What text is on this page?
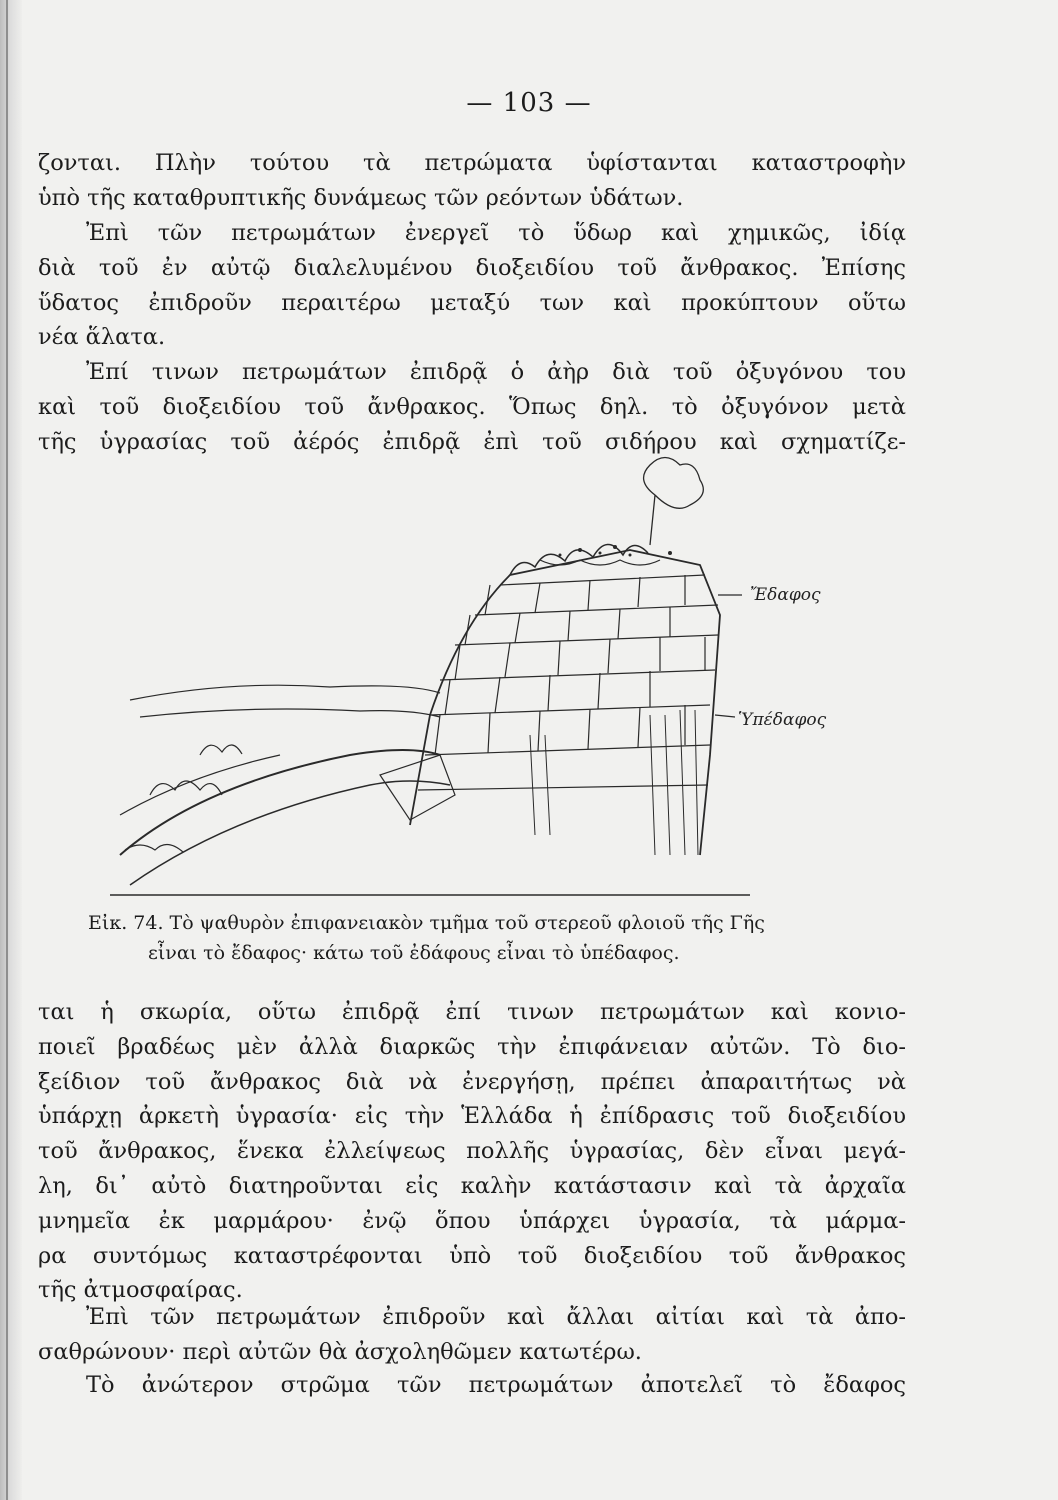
— 103 —

ζονται. Πλὴν τούτου τὰ πετρώματα ὑφίστανται καταστροφὴν
ὑπὸ τῆς καταθρυπτικῆς δυνάμεως τῶν ρεόντων ὑδάτων.

Ἐπὶ τῶν πετρωμάτων ἐνεργεῖ τὸ ὕδωρ καὶ χημικῶς, ἰδίᾳ
διὰ τοῦ ἐν αὐτῷ διαλελυμένου διοξειδίου τοῦ ἄνθρακος. Ἐπίσης
ὕδατος ἐπιδροῦν περαιτέρω μεταξύ των καὶ προκύπτουν οὕτω
νέα ἅλατα.

Ἐπί τινων πετρωμάτων ἐπιδρᾷ ὁ ἀὴρ διὰ τοῦ ὀξυγόνου του
καὶ τοῦ διοξειδίου τοῦ ἄνθρακος. Ὅπως δηλ. τὸ ὀξυγόνον μετὰ
τῆς ὑγρασίας τοῦ ἀέρός ἐπιδρᾷ ἐπὶ τοῦ σιδήρου καὶ σχηματίζε-

Ἔδαφος
Ὑπέδαφος

Εἰκ. 74. Τὸ ψαθυρὸν ἐπιφανειακὸν τμῆμα τοῦ στερεοῦ φλοιοῦ τῆς Γῆς
εἶναι τὸ ἔδαφος· κάτω τοῦ ἐδάφους εἶναι τὸ ὑπέδαφος.

ται ἡ σκωρία, οὕτω ἐπιδρᾷ ἐπί τινων πετρωμάτων καὶ κονιο-
ποιεῖ βραδέως μὲν ἀλλὰ διαρκῶς τὴν ἐπιφάνειαν αὐτῶν. Τὸ διο-
ξείδιον τοῦ ἄνθρακος διὰ νὰ ἐνεργήσῃ, πρέπει ἀπαραιτήτως νὰ
ὑπάρχῃ ἀρκετὴ ὑγρασία· εἰς τὴν Ἑλλάδα ἡ ἐπίδρασις τοῦ διοξειδίου
τοῦ ἄνθρακος, ἕνεκα ἐλλείψεως πολλῆς ὑγρασίας, δὲν εἶναι μεγά-
λη, δι᾽ αὐτὸ διατηροῦνται εἰς καλὴν κατάστασιν καὶ τὰ ἀρχαῖα
μνημεῖα ἐκ μαρμάρου· ἐνῷ ὅπου ὑπάρχει ὑγρασία, τὰ μάρμα-
ρα συντόμως καταστρέφονται ὑπὸ τοῦ διοξειδίου τοῦ ἄνθρακος
τῆς ἀτμοσφαίρας.

Ἐπὶ τῶν πετρωμάτων ἐπιδροῦν καὶ ἄλλαι αἰτίαι καὶ τὰ ἀπο-
σαθρώνουν· περὶ αὐτῶν θὰ ἀσχοληθῶμεν κατωτέρω.

Τὸ ἀνώτερον στρῶμα τῶν πετρωμάτων ἀποτελεῖ τὸ ἔδαφος
